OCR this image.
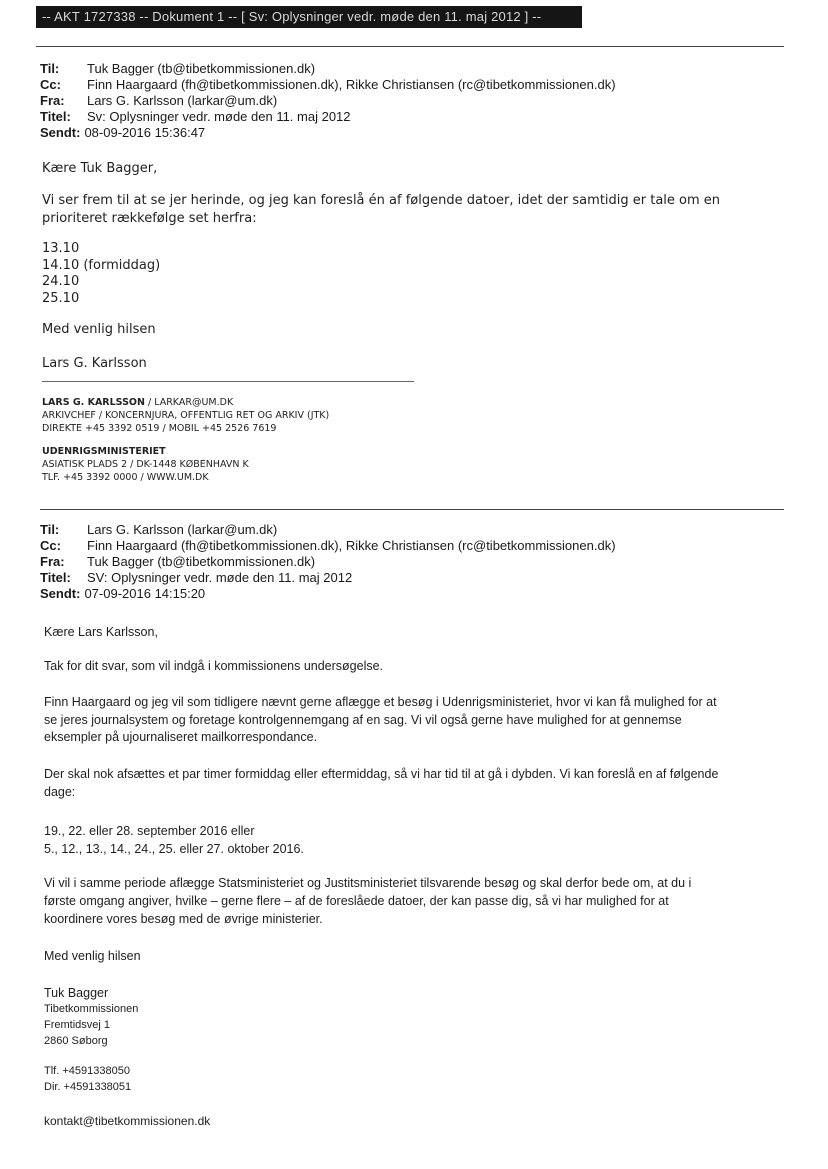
-- AKT 1727338 -- Dokument 1 -- [ Sv: Oplysninger vedr. møde den 11. maj 2012 ] --
Til: Tuk Bagger (tb@tibetkommissionen.dk)
Cc: Finn Haargaard (fh@tibetkommissionen.dk), Rikke Christiansen (rc@tibetkommissionen.dk)
Fra: Lars G. Karlsson (larkar@um.dk)
Titel: Sv: Oplysninger vedr. møde den 11. maj 2012
Sendt: 08-09-2016 15:36:47

Kære Tuk Bagger,

Vi ser frem til at se jer herinde, og jeg kan foreslå én af følgende datoer, idet der samtidig er tale om en

prioriteret rækkefølge set herfra:

13.10

14.10 (formiddag)

24.10

25.10

Med venlig hilsen

Lars G. Karlsson

LARS G. KARLSSON / LARKAR@UM.DK
ARKIVCHEF / KONCERNJURA, OFFENTLIG RET OG ARKIV (JTK)
DIREKTE +45 3392 0519 / MOBIL +45 2526 7619
UDENRIGSMINISTERIET
ASIATISK PLADS 2 / DK-1448 KØBENHAVN K
TLF. +45 3392 0000 / WWW.UM.DK
Til: Lars G. Karlsson (larkar@um.dk)
Cc: Finn Haargaard (fh@tibetkommissionen.dk), Rikke Christiansen (rc@tibetkommissionen.dk)
Fra: Tuk Bagger (tb@tibetkommissionen.dk)
Titel: SV: Oplysninger vedr. møde den 11. maj 2012
Sendt: 07-09-2016 14:15:20

Kære Lars Karlsson,

Tak for dit svar, som vil indgå i kommissionens undersøgelse.

Finn Haargaard og jeg vil som tidligere nævnt gerne aflægge et besøg i Udenrigsministeriet, hvor vi kan få mulighed for at

se jeres journalsystem og foretage kontrolgennemgang af en sag. Vi vil også gerne have mulighed for at gennemse

eksempler på ujournaliseret mailkorrespondance.

Der skal nok afsættes et par timer formiddag eller eftermiddag, så vi har tid til at gå i dybden. Vi kan foreslå en af følgende

dage:

19., 22. eller 28. september 2016 eller

5., 12., 13., 14., 24., 25. eller 27. oktober 2016.

Vi vil i samme periode aflægge Statsministeriet og Justitsministeriet tilsvarende besøg og skal derfor bede om, at du i

første omgang angiver, hvilke – gerne flere – af de foreslåede datoer, der kan passe dig, så vi har mulighed for at

koordinere vores besøg med de øvrige ministerier.

Med venlig hilsen

Tuk Bagger

Tibetkommissionen

Fremtidsvej 1

2860 Søborg

Tlf. +4591338050

Dir. +4591338051

kontakt@tibetkommissionen.dk
